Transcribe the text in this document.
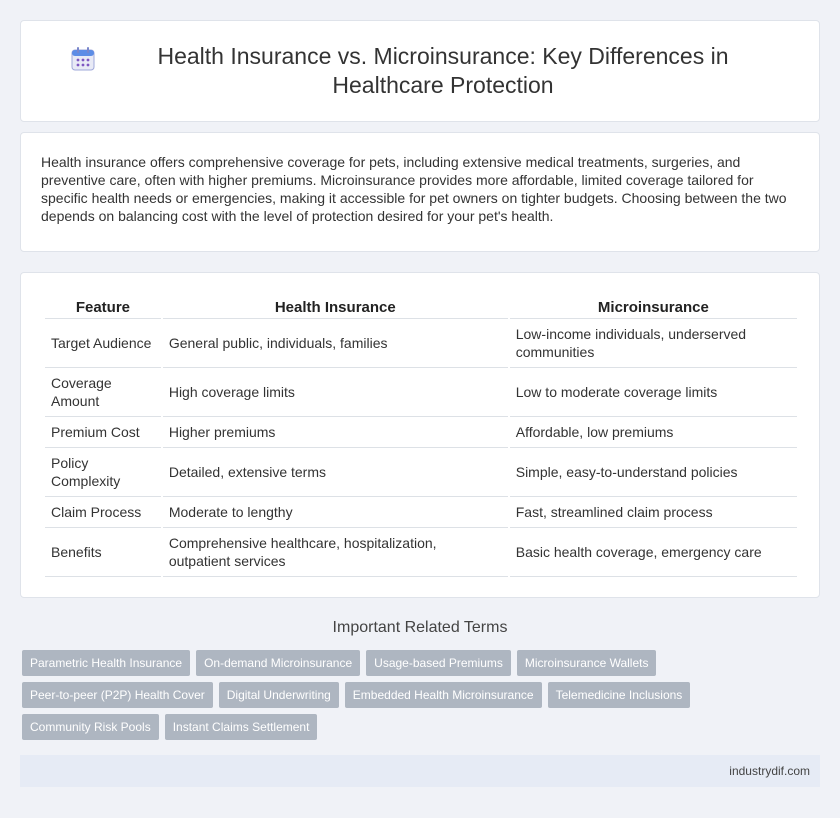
Health Insurance vs. Microinsurance: Key Differences in Healthcare Protection

Health insurance offers comprehensive coverage for pets, including extensive medical treatments, surgeries, and preventive care, often with higher premiums. Microinsurance provides more affordable, limited coverage tailored for specific health needs or emergencies, making it accessible for pet owners on tighter budgets. Choosing between the two depends on balancing cost with the level of protection desired for your pet's health.

Feature	Health Insurance	Microinsurance
Target Audience	General public, individuals, families	Low-income individuals, underserved communities
Coverage Amount	High coverage limits	Low to moderate coverage limits
Premium Cost	Higher premiums	Affordable, low premiums
Policy Complexity	Detailed, extensive terms	Simple, easy-to-understand policies
Claim Process	Moderate to lengthy	Fast, streamlined claim process
Benefits	Comprehensive healthcare, hospitalization, outpatient services	Basic health coverage, emergency care
Important Related Terms
Parametric Health Insurance	On-demand Microinsurance	Usage-based Premiums	Microinsurance Wallets
Peer-to-peer (P2P) Health Cover	Digital Underwriting	Embedded Health Microinsurance	Telemedicine Inclusions
Community Risk Pools	Instant Claims Settlement
industrydif.com
